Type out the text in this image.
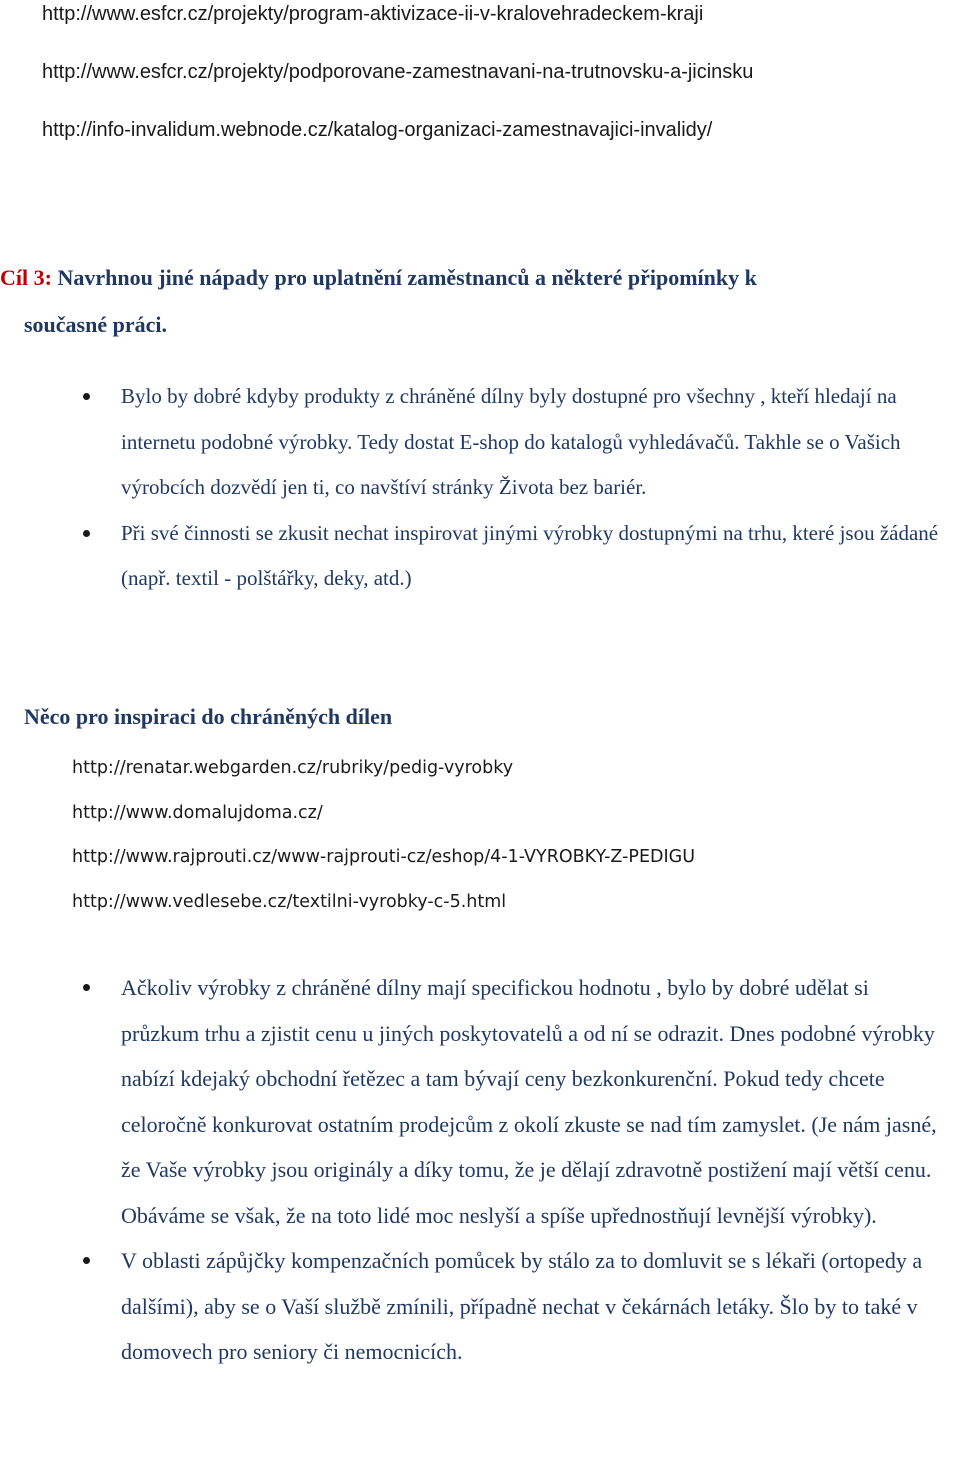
http://www.esfcr.cz/projekty/program-aktivizace-ii-v-kralovehradeckem-kraji
http://www.esfcr.cz/projekty/podporovane-zamestnavani-na-trutnovsku-a-jicinsku
http://info-invalidum.webnode.cz/katalog-organizaci-zamestnavajici-invalidy/
Cíl 3: Navrhnou jiné nápady pro uplatnění zaměstnanců a některé připomínky k
současné práci.
Bylo by dobré kdyby produkty z chráněné dílny byly dostupné pro všechny , kteří hledají na internetu podobné výrobky. Tedy dostat E-shop do katalogů vyhledávačů. Takhle se o Vašich výrobcích dozvědí jen ti, co navštíví stránky Života bez bariér.
Při své činnosti se zkusit nechat inspirovat jinými výrobky dostupnými na trhu, které jsou žádané (např. textil - polštářky, deky, atd.)
Něco pro inspiraci do chráněných dílen
http://renatar.webgarden.cz/rubriky/pedig-vyrobky
http://www.domalujdoma.cz/
http://www.rajprouti.cz/www-rajprouti-cz/eshop/4-1-VYROBKY-Z-PEDIGU
http://www.vedlesebe.cz/textilni-vyrobky-c-5.html
Ačkoliv výrobky z chráněné dílny mají specifickou hodnotu , bylo by dobré udělat si průzkum trhu a zjistit cenu u jiných poskytovatelů a od ní se odrazit. Dnes podobné výrobky nabízí kdejaký obchodní řetězec a tam bývají ceny bezkonkurenční. Pokud tedy chcete celoročně konkurovat ostatním prodejcům z okolí zkuste se nad tím zamyslet. (Je nám jasné, že Vaše výrobky jsou originály a díky tomu, že je dělají zdravotně postižení mají větší cenu. Obáváme se však, že na toto lidé moc neslyší a spíše upřednostňují levnější výrobky).
V oblasti zápůjčky kompenzačních pomůcek by stálo za to domluvit se s lékaři (ortopedy a dalšími), aby se o Vaší službě zmínili, případně nechat v čekárnách letáky. Šlo by to také v domovech pro seniory či nemocnicích.
